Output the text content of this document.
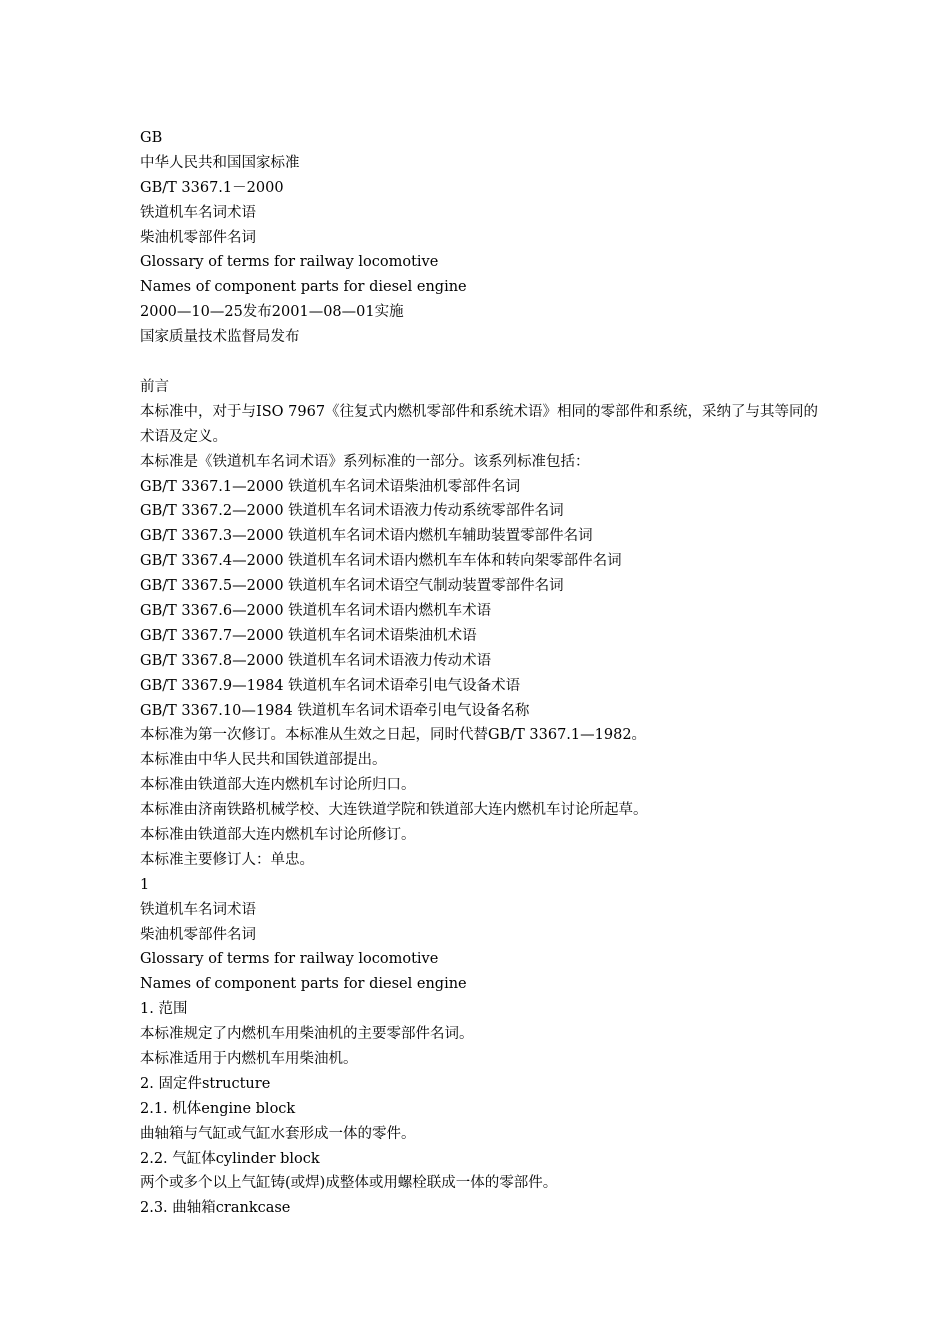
GB
中华人民共和国国家标准
GB/T 3367.1－2000
铁道机车名词术语
柴油机零部件名词
Glossary of terms for railway locomotive
Names of component parts for diesel engine
2000—10—25发布2001—08—01实施
国家质量技术监督局发布
前言
本标准中，对于与ISO 7967《往复式内燃机零部件和系统术语》相同的零部件和系统，采纳了与其等同的术语及定义。
本标准是《铁道机车名词术语》系列标准的一部分。该系列标准包括：
GB/T 3367.1—2000 铁道机车名词术语柴油机零部件名词
GB/T 3367.2—2000 铁道机车名词术语液力传动系统零部件名词
GB/T 3367.3—2000 铁道机车名词术语内燃机车辅助装置零部件名词
GB/T 3367.4—2000 铁道机车名词术语内燃机车车体和转向架零部件名词
GB/T 3367.5—2000 铁道机车名词术语空气制动装置零部件名词
GB/T 3367.6—2000 铁道机车名词术语内燃机车术语
GB/T 3367.7—2000 铁道机车名词术语柴油机术语
GB/T 3367.8—2000 铁道机车名词术语液力传动术语
GB/T 3367.9—1984 铁道机车名词术语牵引电气设备术语
GB/T 3367.10—1984 铁道机车名词术语牵引电气设备名称
本标准为第一次修订。本标准从生效之日起，同时代替GB/T 3367.1—1982。
本标准由中华人民共和国铁道部提出。
本标准由铁道部大连内燃机车讨论所归口。
本标准由济南铁路机械学校、大连铁道学院和铁道部大连内燃机车讨论所起草。
本标准由铁道部大连内燃机车讨论所修订。
本标准主要修订人：单忠。
1
铁道机车名词术语
柴油机零部件名词
Glossary of terms for railway locomotive
Names of component parts for diesel engine
1. 范围
本标准规定了内燃机车用柴油机的主要零部件名词。
本标准适用于内燃机车用柴油机。
2. 固定件structure
2.1. 机体engine block
曲轴箱与气缸或气缸水套形成一体的零件。
2.2. 气缸体cylinder block
两个或多个以上气缸铸(或焊)成整体或用螺栓联成一体的零部件。
2.3. 曲轴箱crankcase
